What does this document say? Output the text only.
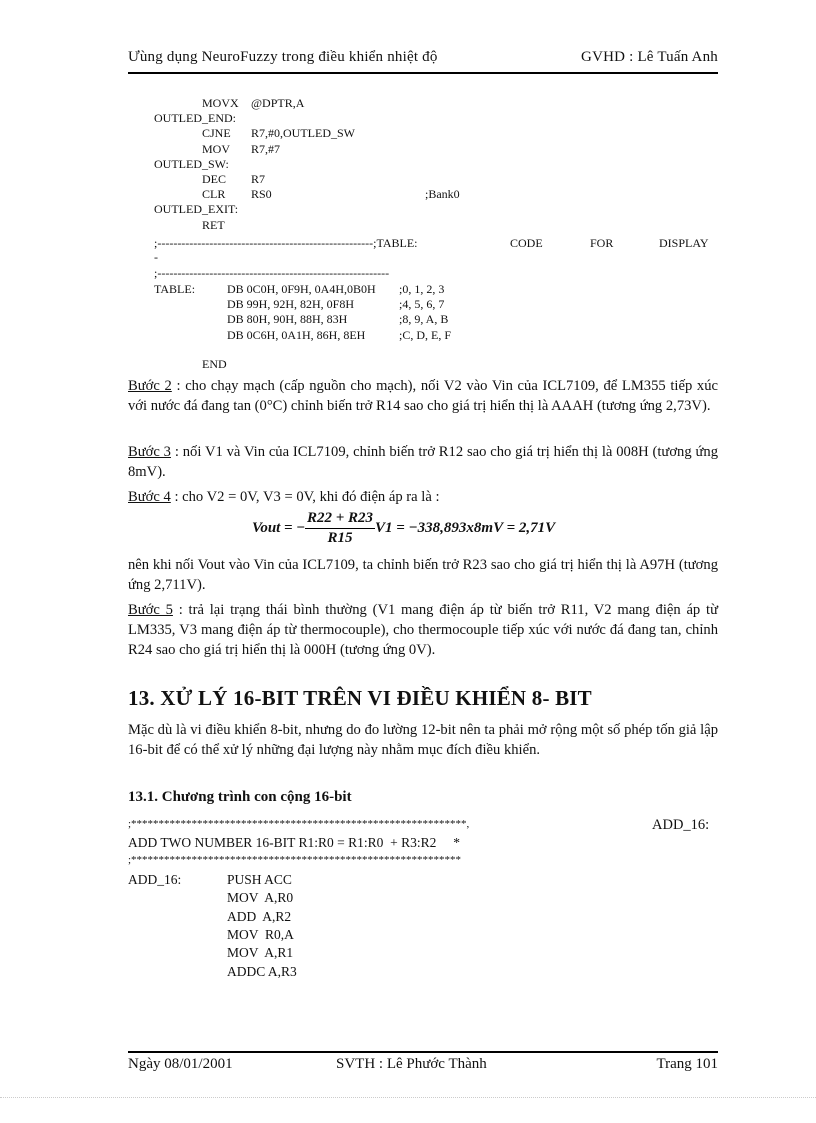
Ưùng dụng NeuroFuzzy trong điều khiển nhiệt độ	GVHD : Lê Tuấn Anh
MOVX @DPTR,A
OUTLED_END:
CJNE R7,#0,OUTLED_SW
MOV R7,#7
OUTLED_SW:
DEC R7
CLR RS0	;Bank0
OUTLED_EXIT:
RET
;------------------------------------------------------;TABLE:	CODE	FOR	DISPLAY
-
;----------------------------------------------------------
TABLE:	DB 0C0H, 0F9H, 0A4H,0B0H ;0, 1, 2, 3
DB 99H, 92H, 82H, 0F8H	;4, 5, 6, 7
DB 80H, 90H, 88H, 83H	;8, 9, A, B
DB 0C6H, 0A1H, 86H, 8EH	;C, D, E, F
END
Bước 2 : cho chạy mạch (cấp nguồn cho mạch), nối V2 vào Vin của ICL7109, để LM355 tiếp xúc với nước đá đang tan (0°C) chỉnh biến trở R14 sao cho giá trị hiển thị là AAAH (tương ứng 2,73V).
Bước 3 : nối V1 và Vin của ICL7109, chỉnh biến trở R12 sao cho giá trị hiển thị là 008H (tương ứng 8mV).
Bước 4 : cho V2 = 0V, V3 = 0V, khi đó điện áp ra là :
Vout = − $\frac{R22 + R23}{R15} V1 = -338,893x8mV = 2,71V$
nên khi nối Vout vào Vin của ICL7109, ta chỉnh biến trở R23 sao cho giá trị hiển thị là A97H (tương ứng 2,711V).
Bước 5 : trả lại trạng thái bình thường (V1 mang điện áp từ biến trở R11, V2 mang điện áp từ LM335, V3 mang điện áp từ thermocouple), cho thermocouple tiếp xúc với nước đá đang tan, chỉnh R24 sao cho giá trị hiển thị là 000H (tương ứng 0V).
13. XỬ LÝ 16-BIT TRÊN VI ĐIỀU KHIỂN 8- BIT
Mặc dù là vi điều khiển 8-bit, nhưng do đo lường 12-bit nên ta phải mở rộng một số phép tốn giả lập 16-bit để có thể xử lý những đại lượng này nhằm mục đích điều khiển.
13.1. Chương trình con cộng 16-bit
;*************************************************************,	ADD_16:
ADD TWO NUMBER 16-BIT R1:R0 = R1:R0  + R3:R2     *
;************************************************************
ADD_16:	PUSH ACC
MOV  A,R0
ADD  A,R2
MOV  R0,A
MOV  A,R1
ADDC A,R3
Ngày 08/01/2001	SVTH : Lê Phước Thành	Trang 101
